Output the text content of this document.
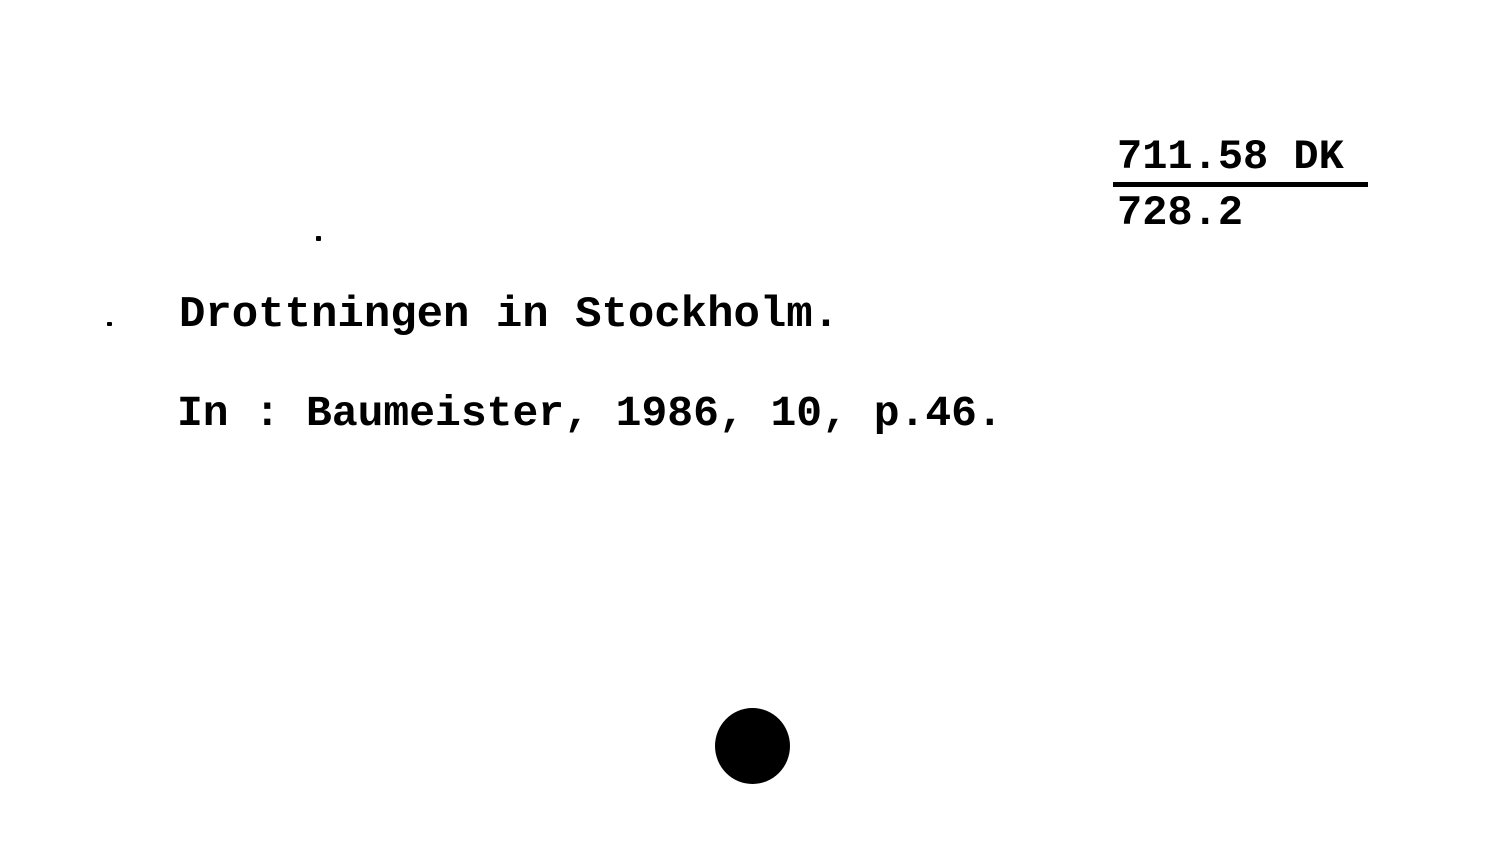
711.58 DK
728.2
Drottningen in Stockholm.
In : Baumeister, 1986, 10, p.46.
